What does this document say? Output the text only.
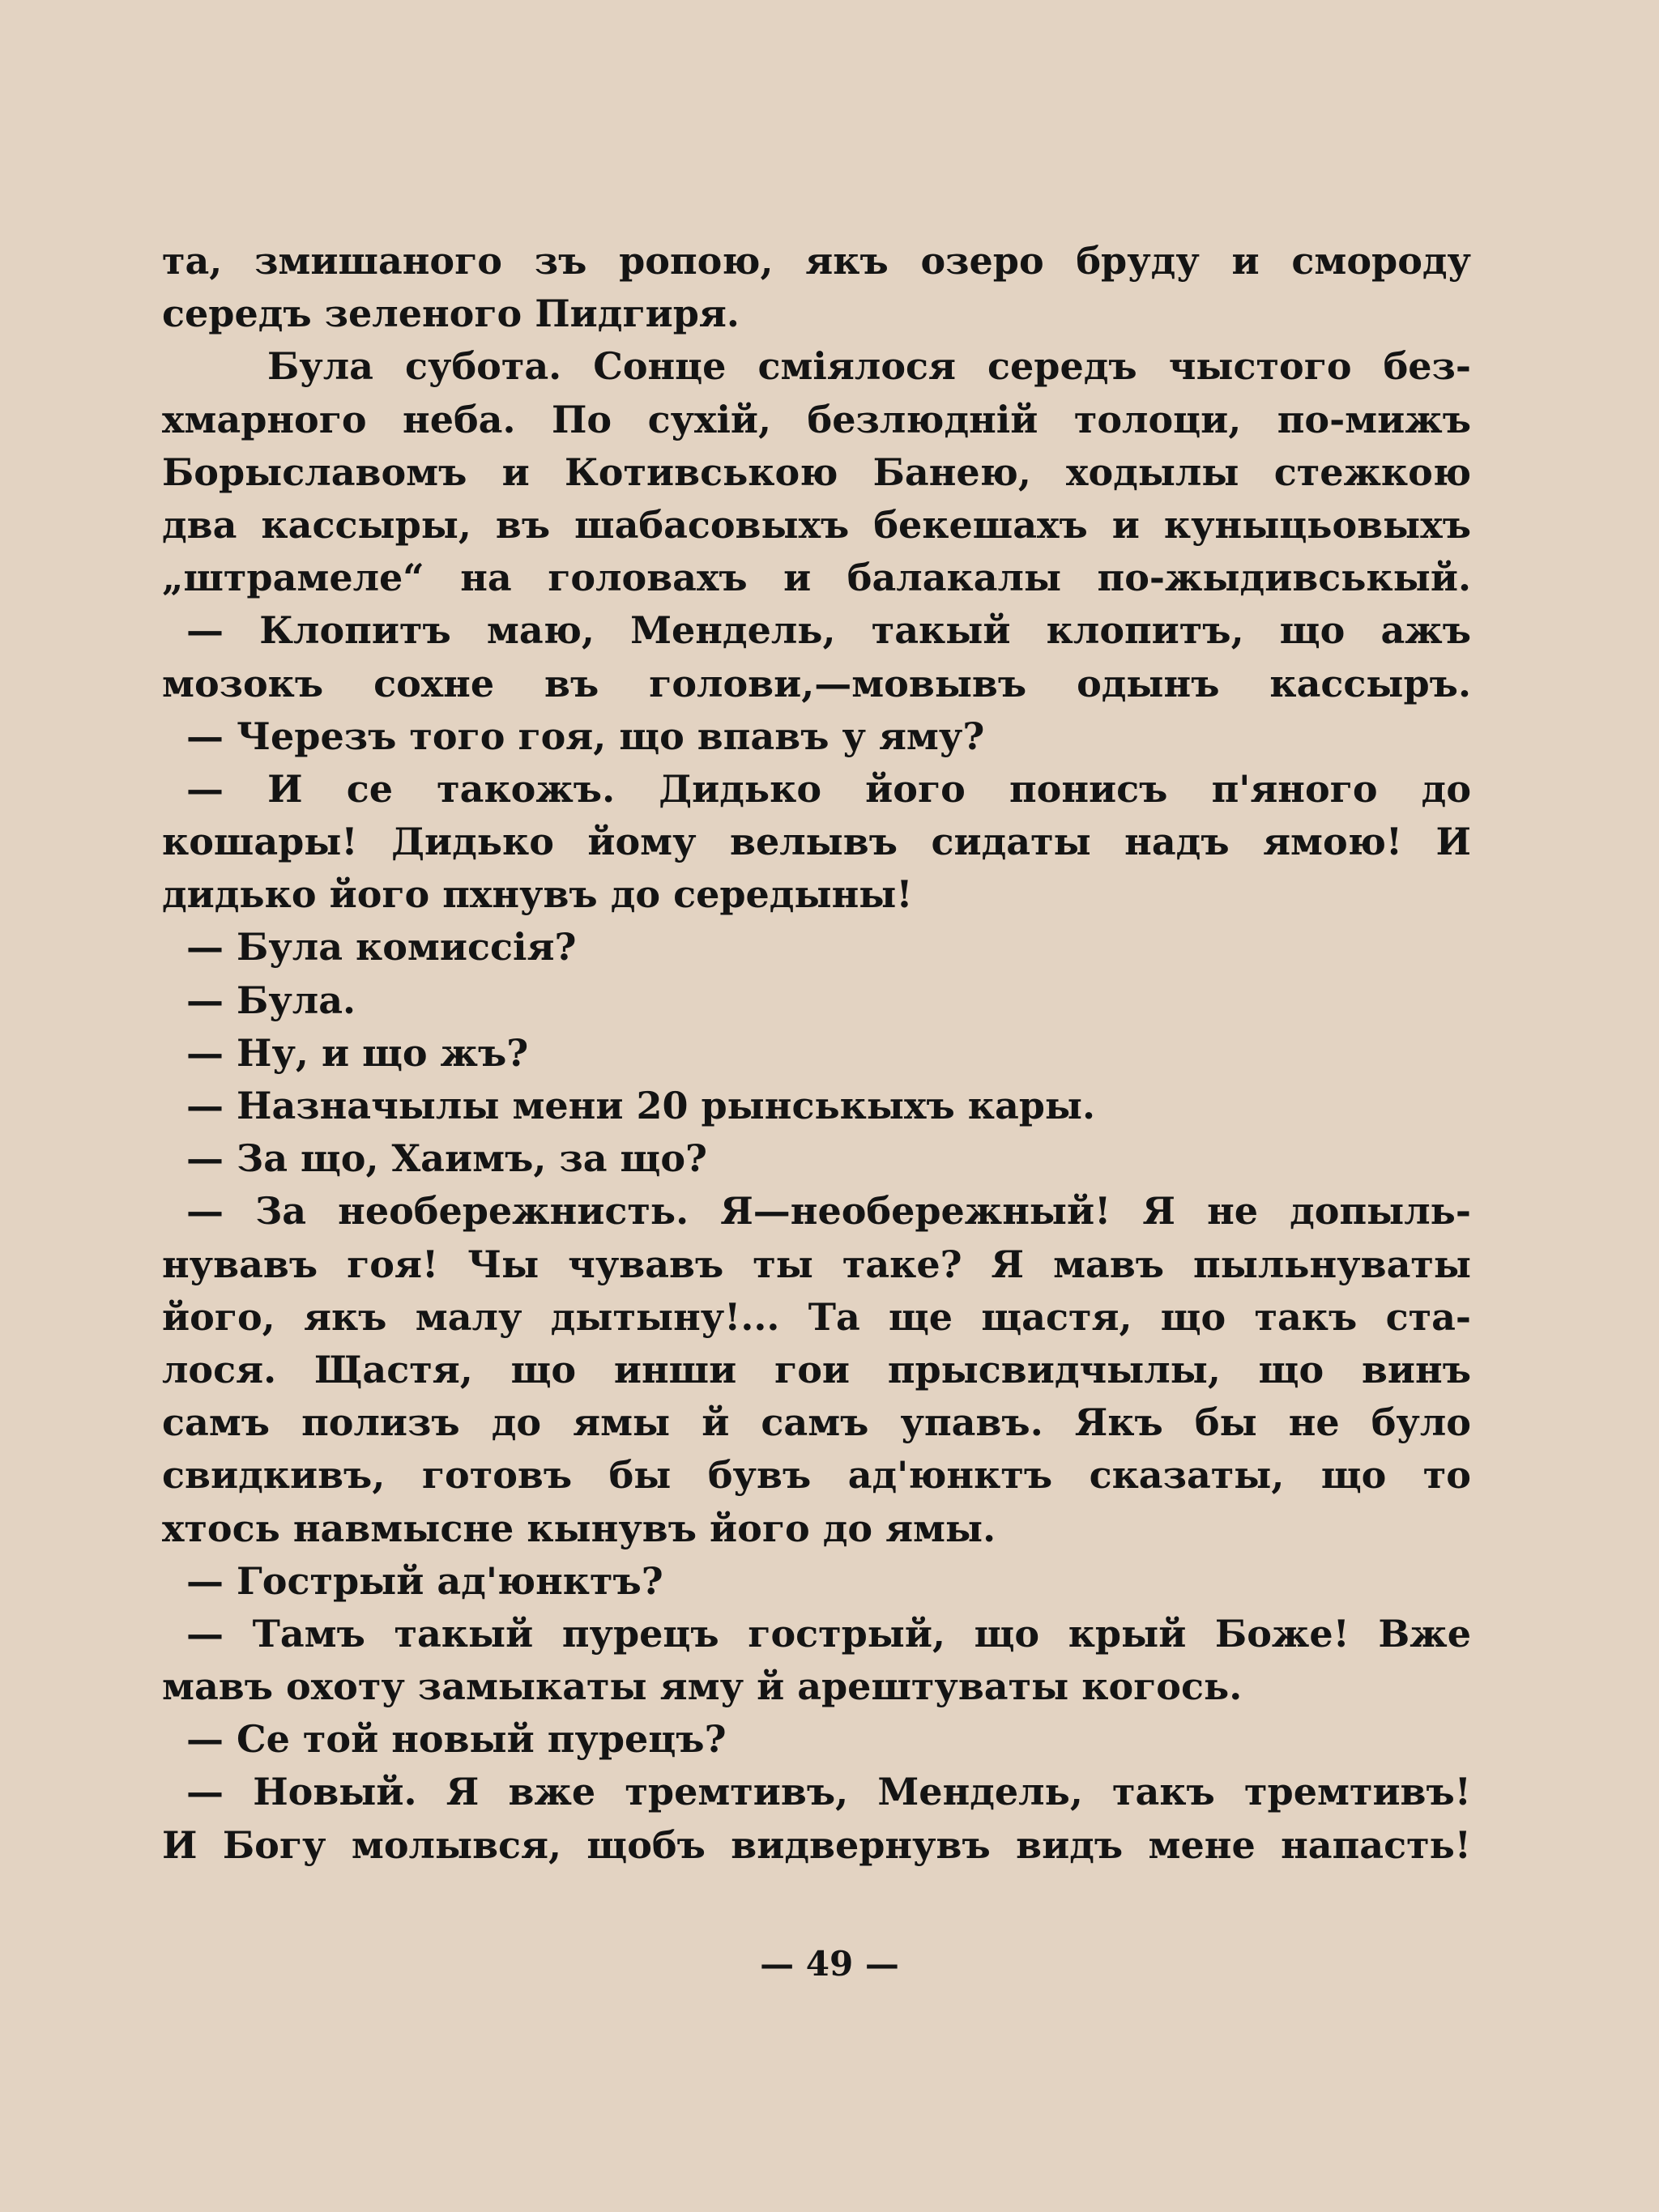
та, змишаного зъ ропою, якъ озеро бруду и смороду
середъ зеленого Пидгиря.
Була субота. Сонце сміялося середъ чыстого без-
хмарного неба. По сухій, безлюдній толоци, по-мижъ
Борыславомъ и Котивською Банею, ходылы стежкою
два кассыры, въ шабасовыхъ бекешахъ и куныцьовыхъ
„штрамеле“ на головахъ и балакалы по-жыдивськый.
— Клопитъ маю, Мендель, такый клопитъ, що ажъ
мозокъ сохне въ голови,—мовывъ одынъ кассыръ.
— Черезъ того гоя, що впавъ у яму?
— И се такожъ. Дидько його понисъ п'яного до
кошары! Дидько йому велывъ сидаты надъ ямою! И
дидько його пхнувъ до середыны!
— Була комиссія?
— Була.
— Ну, и що жъ?
— Назначылы мени 20 рынськыхъ кары.
— За що, Хаимъ, за що?
— За необережнисть. Я—необережный! Я не допыль-
нувавъ гоя! Чы чувавъ ты таке? Я мавъ пыльнуваты
його, якъ малу дытыну!... Та ще щастя, що такъ ста-
лося. Щастя, що инши гои прысвидчылы, що винъ
самъ полизъ до ямы й самъ упавъ. Якъ бы не було
свидкивъ, готовъ бы бувъ ад'юнктъ сказаты, що то
хтось навмысне кынувъ його до ямы.
— Гострый ад'юнктъ?
— Тамъ такый пурецъ гострый, що крый Боже! Вже
мавъ охоту замыкаты яму й арештуваты когось.
— Се той новый пурецъ?
— Новый. Я вже тремтивъ, Мендель, такъ тремтивъ!
И Богу молывся, щобъ видвернувъ видъ мене напасть!
— 49 —
